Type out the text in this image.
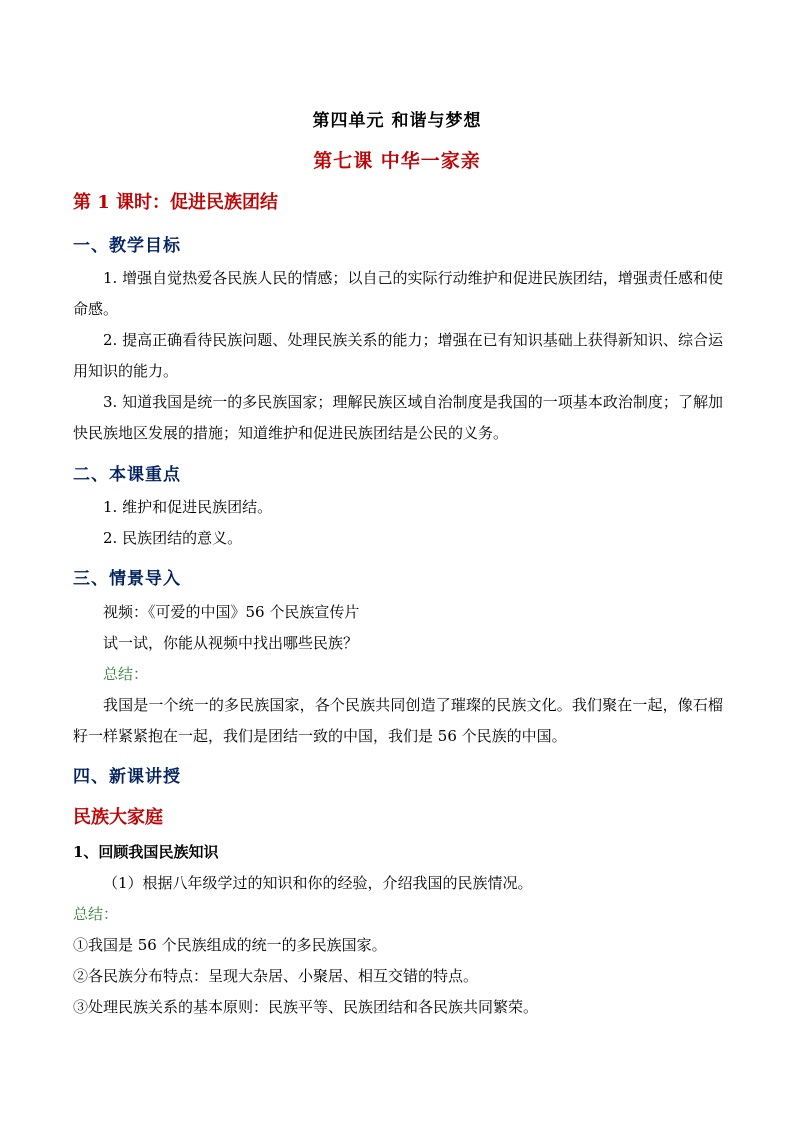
第四单元 和谐与梦想
第七课 中华一家亲
第 1 课时：促进民族团结
一、教学目标
1. 增强自觉热爱各民族人民的情感；以自己的实际行动维护和促进民族团结，增强责任感和使命感。
2. 提高正确看待民族问题、处理民族关系的能力；增强在已有知识基础上获得新知识、综合运用知识的能力。
3. 知道我国是统一的多民族国家；理解民族区域自治制度是我国的一项基本政治制度；了解加快民族地区发展的措施；知道维护和促进民族团结是公民的义务。
二、本课重点
1. 维护和促进民族团结。
2. 民族团结的意义。
三、情景导入
视频：《可爱的中国》56 个民族宣传片
试一试，你能从视频中找出哪些民族？
总结：
我国是一个统一的多民族国家，各个民族共同创造了璀璨的民族文化。我们聚在一起，像石榴籽一样紧紧抱在一起，我们是团结一致的中国，我们是 56 个民族的中国。
四、新课讲授
民族大家庭
1、回顾我国民族知识
（1）根据八年级学过的知识和你的经验，介绍我国的民族情况。
总结：
①我国是 56 个民族组成的统一的多民族国家。
②各民族分布特点：呈现大杂居、小聚居、相互交错的特点。
③处理民族关系的基本原则：民族平等、民族团结和各民族共同繁荣。
